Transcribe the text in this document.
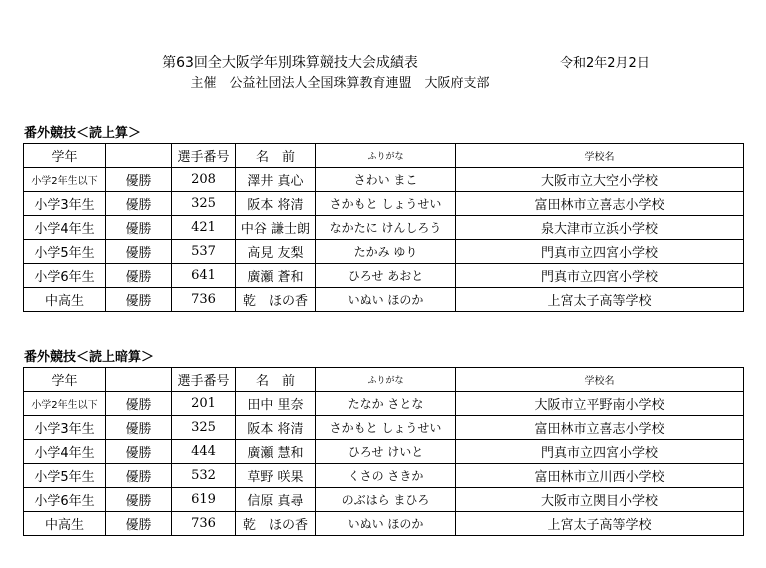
第63回全大阪学年別珠算競技大会成績表	令和2年2月2日
主催　公益社団法人全国珠算教育連盟　大阪府支部
番外競技＜読上算＞
学年		選手番号	名　前	ふりがな	学校名
小学2年生以下	優勝	208	澤井 真心	さわい まこ	大阪市立大空小学校
小学3年生	優勝	325	阪本 将清	さかもと しょうせい	富田林市立喜志小学校
小学4年生	優勝	421	中谷 謙士朗	なかたに けんしろう	泉大津市立浜小学校
小学5年生	優勝	537	高見 友梨	たかみ ゆり	門真市立四宮小学校
小学6年生	優勝	641	廣瀬 蒼和	ひろせ あおと	門真市立四宮小学校
中高生	優勝	736	乾　ほの香	いぬい ほのか	上宮太子高等学校
番外競技＜読上暗算＞
学年		選手番号	名　前	ふりがな	学校名
小学2年生以下	優勝	201	田中 里奈	たなか さとな	大阪市立平野南小学校
小学3年生	優勝	325	阪本 将清	さかもと しょうせい	富田林市立喜志小学校
小学4年生	優勝	444	廣瀬 慧和	ひろせ けいと	門真市立四宮小学校
小学5年生	優勝	532	草野 咲果	くさの さきか	富田林市立川西小学校
小学6年生	優勝	619	信原 真尋	のぶはら まひろ	大阪市立関目小学校
中高生	優勝	736	乾　ほの香	いぬい ほのか	上宮太子高等学校
